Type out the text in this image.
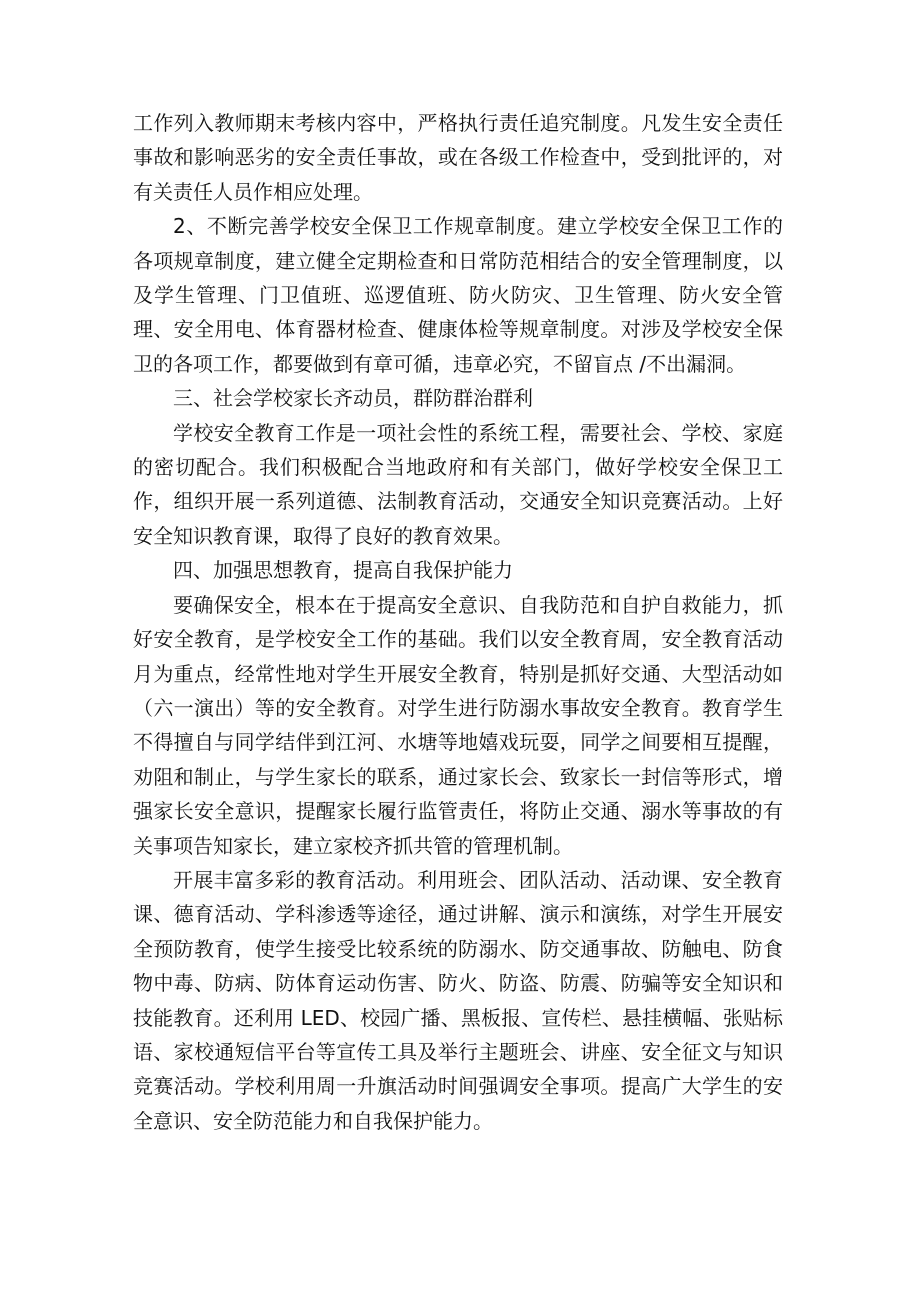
工作列入教师期末考核内容中，严格执行责任追究制度。凡发生安全责任事故和影响恶劣的安全责任事故，或在各级工作检查中，受到批评的，对有关责任人员作相应处理。

2、不断完善学校安全保卫工作规章制度。建立学校安全保卫工作的各项规章制度，建立健全定期检查和日常防范相结合的安全管理制度，以及学生管理、门卫值班、巡逻值班、防火防灾、卫生管理、防火安全管理、安全用电、体育器材检查、健康体检等规章制度。对涉及学校安全保卫的各项工作，都要做到有章可循，违章必究，不留盲点 /不出漏洞。

三、社会学校家长齐动员，群防群治群利

学校安全教育工作是一项社会性的系统工程，需要社会、学校、家庭的密切配合。我们积极配合当地政府和有关部门，做好学校安全保卫工作，组织开展一系列道德、法制教育活动，交通安全知识竞赛活动。上好安全知识教育课，取得了良好的教育效果。

四、加强思想教育，提高自我保护能力

要确保安全，根本在于提高安全意识、自我防范和自护自救能力，抓好安全教育，是学校安全工作的基础。我们以安全教育周，安全教育活动月为重点，经常性地对学生开展安全教育，特别是抓好交通、大型活动如（六一演出）等的安全教育。对学生进行防溺水事故安全教育。教育学生不得擅自与同学结伴到江河、水塘等地嬉戏玩耍，同学之间要相互提醒，劝阻和制止，与学生家长的联系，通过家长会、致家长一封信等形式，增强家长安全意识，提醒家长履行监管责任，将防止交通、溺水等事故的有关事项告知家长，建立家校齐抓共管的管理机制。

开展丰富多彩的教育活动。利用班会、团队活动、活动课、安全教育课、德育活动、学科渗透等途径，通过讲解、演示和演练，对学生开展安全预防教育，使学生接受比较系统的防溺水、防交通事故、防触电、防食物中毒、防病、防体育运动伤害、防火、防盗、防震、防骗等安全知识和技能教育。还利用 LED、校园广播、黑板报、宣传栏、悬挂横幅、张贴标语、家校通短信平台等宣传工具及举行主题班会、讲座、安全征文与知识竞赛活动。学校利用周一升旗活动时间强调安全事项。提高广大学生的安全意识、安全防范能力和自我保护能力。
